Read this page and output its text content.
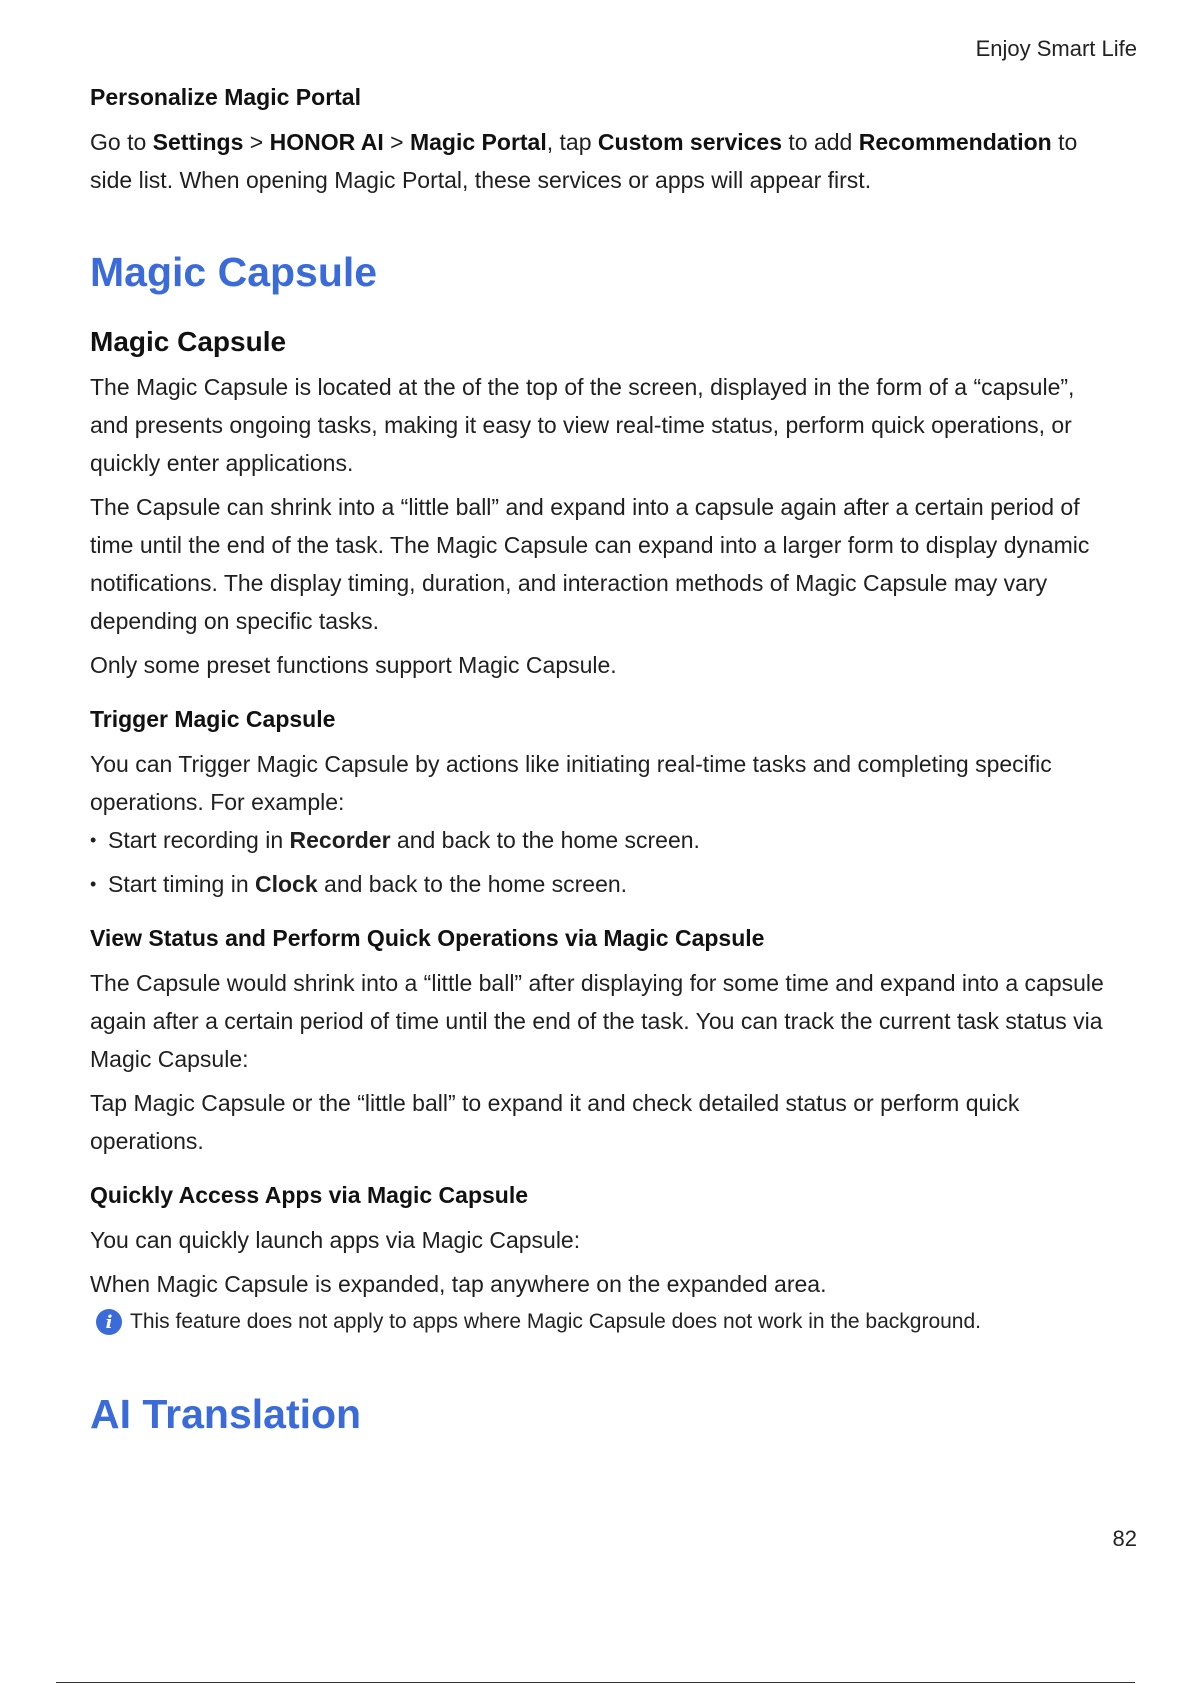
Enjoy Smart Life
Personalize Magic Portal

Go to Settings > HONOR AI > Magic Portal, tap Custom services to add Recommendation to side list. When opening Magic Portal, these services or apps will appear first.

Magic Capsule
Magic Capsule

The Magic Capsule is located at the of the top of the screen, displayed in the form of a “capsule”, and presents ongoing tasks, making it easy to view real-time status, perform quick operations, or quickly enter applications.

The Capsule can shrink into a “little ball” and expand into a capsule again after a certain period of time until the end of the task. The Magic Capsule can expand into a larger form to display dynamic notifications. The display timing, duration, and interaction methods of Magic Capsule may vary depending on specific tasks.

Only some preset functions support Magic Capsule.

Trigger Magic Capsule

You can Trigger Magic Capsule by actions like initiating real-time tasks and completing specific operations. For example:

• Start recording in Recorder and back to the home screen.
• Start timing in Clock and back to the home screen.
View Status and Perform Quick Operations via Magic Capsule

The Capsule would shrink into a “little ball” after displaying for some time and expand into a capsule again after a certain period of time until the end of the task. You can track the current task status via Magic Capsule:

Tap Magic Capsule or the “little ball” to expand it and check detailed status or perform quick operations.

Quickly Access Apps via Magic Capsule

You can quickly launch apps via Magic Capsule:

When Magic Capsule is expanded, tap anywhere on the expanded area.

i This feature does not apply to apps where Magic Capsule does not work in the background.
AI Translation
82
